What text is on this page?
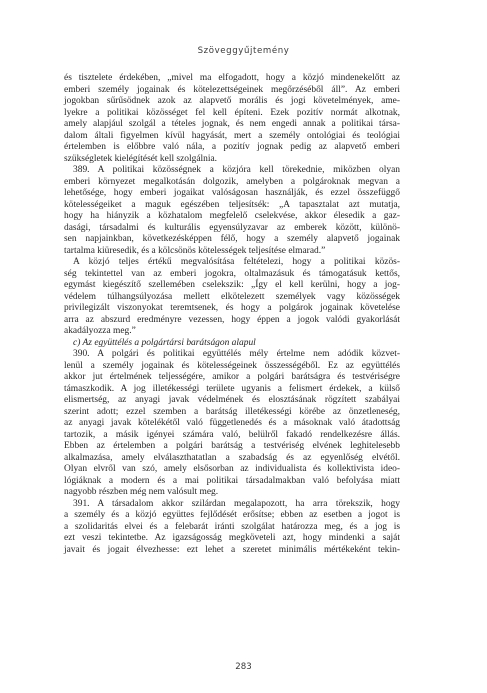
Szöveggyűjtemény

és tisztelete érdekében, „mivel ma elfogadott, hogy a közjó mindenekelőtt az

emberi személy jogainak és kötelezettségeinek megőrzéséből áll”. Az emberi

jogokban sűrűsödnek azok az alapvető morális és jogi követelmények, ame-

lyekre a politikai közösséget fel kell építeni. Ezek pozitív normát alkotnak,

amely alapjául szolgál a tételes jognak, és nem engedi annak a politikai társa-

dalom általi figyelmen kívül hagyását, mert a személy ontológiai és teológiai

értelemben is előbbre való nála, a pozitív jognak pedig az alapvető emberi

szükségletek kielégítését kell szolgálnia.

389. A politikai közösségnek a közjóra kell törekednie, miközben olyan

emberi környezet megalkotásán dolgozik, amelyben a polgároknak megvan a

lehetősége, hogy emberi jogaikat valóságosan használják, és ezzel összefüggő

kötelességeiket a maguk egészében teljesítsék: „A tapasztalat azt mutatja,

hogy ha hiányzik a közhatalom megfelelő cselekvése, akkor élesedik a gaz-

dasági, társadalmi és kulturális egyensúlyzavar az emberek között, különö-

sen napjainkban, következésképpen félő, hogy a személy alapvető jogainak

tartalma kiüresedik, és a kölcsönös kötelességek teljesítése elmarad.”

A közjó teljes értékű megvalósítása feltételezi, hogy a politikai közös-

ség tekintettel van az emberi jogokra, oltalmazásuk és támogatásuk kettős,

egymást kiegészítő szellemében cselekszik: „Így el kell kerülni, hogy a jog-

védelem túlhangsúlyozása mellett elkötelezett személyek vagy közösségek

privilegizált viszonyokat teremtsenek, és hogy a polgárok jogainak követelése

arra az abszurd eredményre vezessen, hogy éppen a jogok valódi gyakorlását

akadályozza meg.”

c) Az együttélés a polgártársi barátságon alapul

390. A polgári és politikai együttélés mély értelme nem adódik közvet-

lenül a személy jogainak és kötelességeinek összességéből. Ez az együttélés

akkor jut értelmének teljességére, amikor a polgári barátságra és testvériségre

támaszkodik. A jog illetékességi területe ugyanis a felismert érdekek, a külső

elismertség, az anyagi javak védelmének és elosztásának rögzített szabályai

szerint adott; ezzel szemben a barátság illetékességi körébe az önzetleneség,

az anyagi javak kötelékétől való függetlenedés és a másoknak való átadottság

tartozik, a másik igényei számára való, belülről fakadó rendelkezésre állás.

Ebben az értelemben a polgári barátság a testvériség elvének leghitelesebb

alkalmazása, amely elválaszthatatlan a szabadság és az egyenlőség elvétől.

Olyan elvről van szó, amely elsősorban az individualista és kollektivista ideo-

lógiáknak a modern és a mai politikai társadalmakban való befolyása miatt

nagyobb részben még nem valósult meg.

391. A társadalom akkor szilárdan megalapozott, ha arra törekszik, hogy

a személy és a közjó együttes fejlődését erősítse; ebben az esetben a jogot is

a szolidaritás elvei és a felebarát iránti szolgálat határozza meg, és a jog is

ezt veszi tekintetbe. Az igazságosság megköveteli azt, hogy mindenki a saját

javait és jogait élvezhesse: ezt lehet a szeretet minimális mértékeként tekin-

283
